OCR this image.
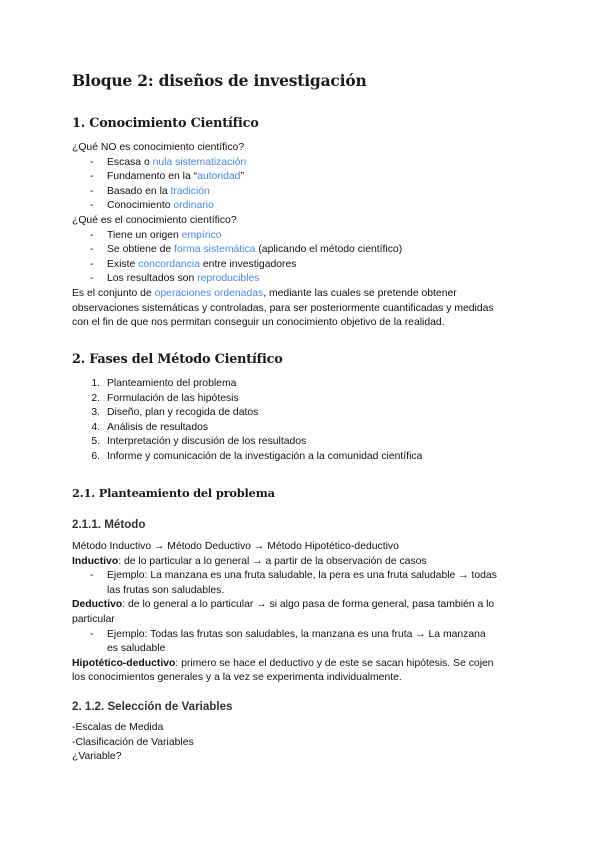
Bloque 2: diseños de investigación
1. Conocimiento Científico
¿Qué NO es conocimiento científico?
- Escasa o nula sistematización
- Fundamento en la “autoridad”
- Basado en la tradición
- Conocimiento ordinario
¿Qué es el conocimiento científico?
- Tiene un origen empírico
- Se obtiene de forma sistemática (aplicando el método científico)
- Existe concordancia entre investigadores
- Los resultados son reproducibles
Es el conjunto de operaciones ordenadas, mediante las cuales se pretende obtener
observaciones sistemáticas y controladas, para ser posteriormente cuantificadas y medidas
con el fin de que nos permitan conseguir un conocimiento objetivo de la realidad.
2. Fases del Método Científico
1. Planteamiento del problema
2. Formulación de las hipótesis
3. Diseño, plan y recogida de datos
4. Análisis de resultados
5. Interpretación y discusión de los resultados
6. Informe y comunicación de la investigación a la comunidad científica
2.1. Planteamiento del problema
2.1.1. Método
Método Inductivo → Método Deductivo → Método Hipotético-deductivo
Inductivo: de lo particular a lo general → a partir de la observación de casos
- Ejemplo: La manzana es una fruta saludable, la pera es una fruta saludable → todas
las frutas son saludables.
Deductivo: de lo general a lo particular → si algo pasa de forma general, pasa también a lo
particular
- Ejemplo: Todas las frutas son saludables, la manzana es una fruta → La manzana
es saludable
Hipotético-deductivo: primero se hace el deductivo y de este se sacan hipótesis. Se cojen
los conocimientos generales y a la vez se experimenta individualmente.
2. 1.2. Selección de Variables
-Escalas de Medida
-Clasificación de Variables
¿Variable?
